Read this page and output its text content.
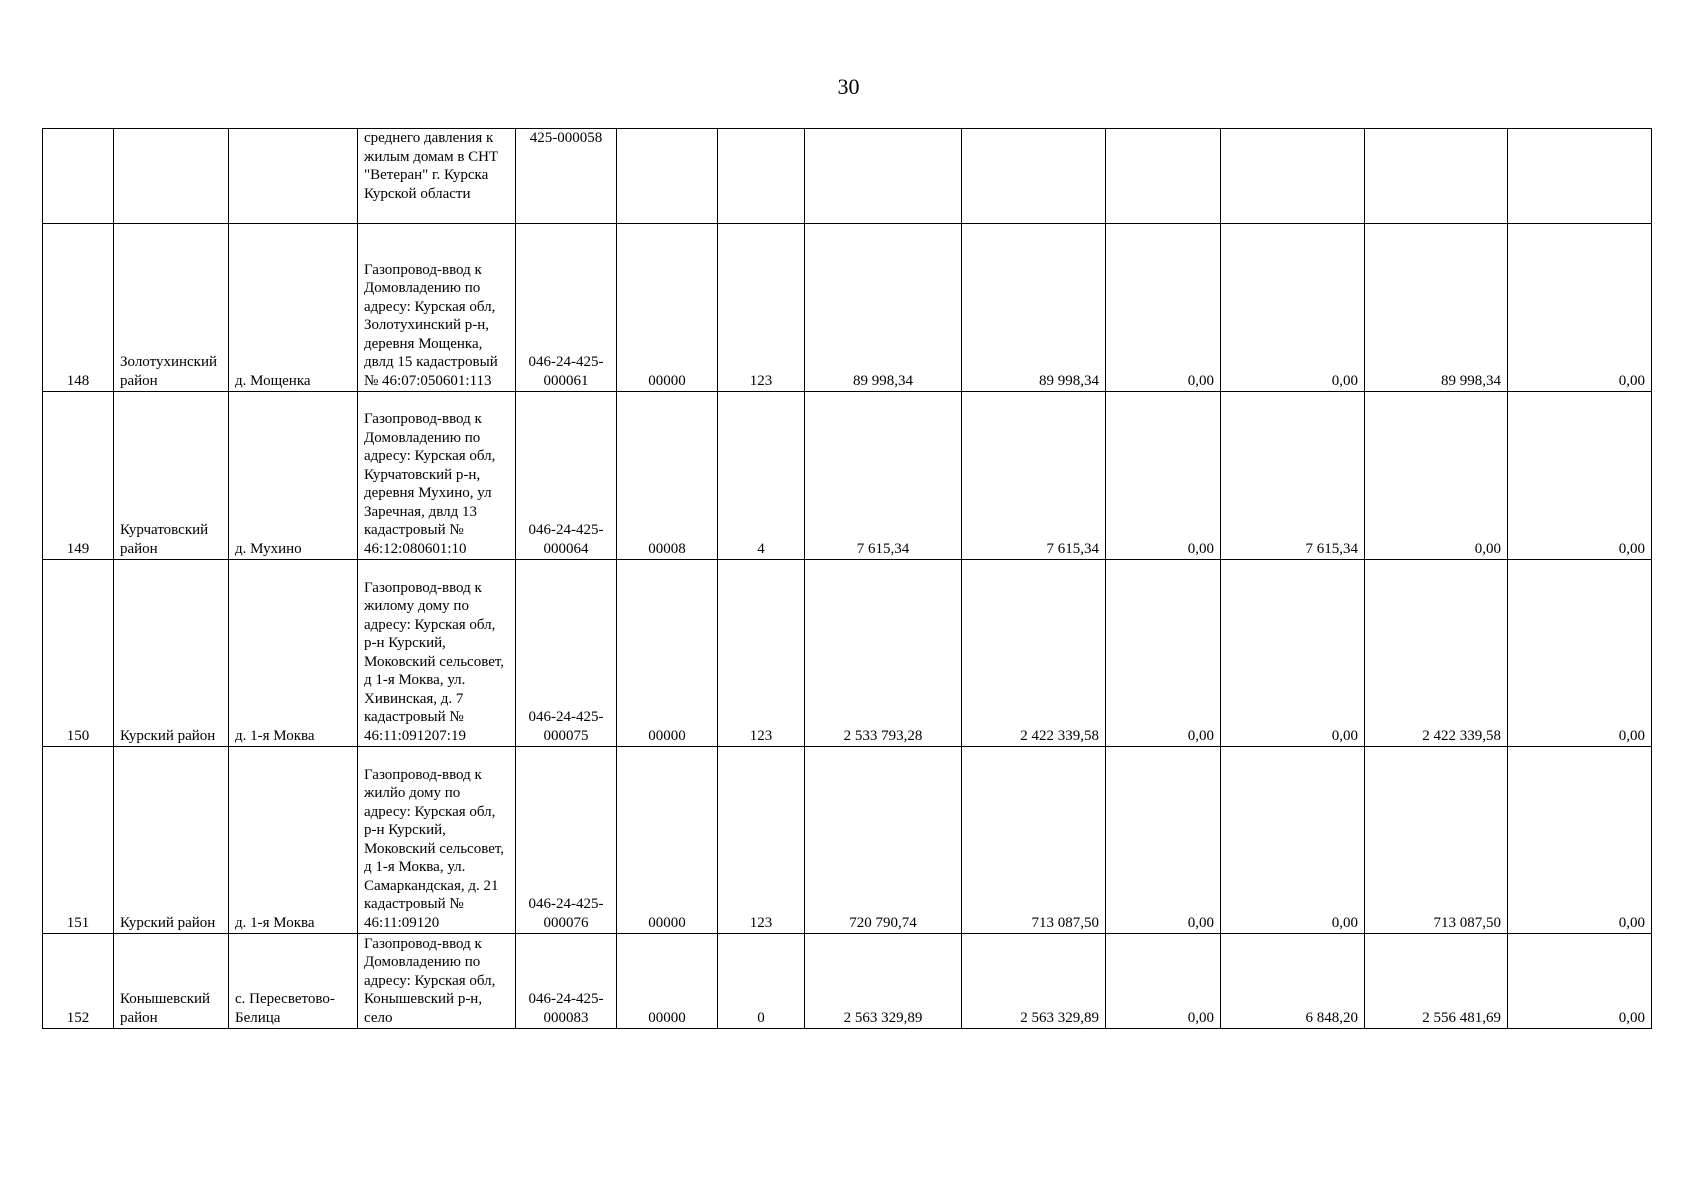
30
			среднего давления к жилым домам в СНТ "Ветеран" г. Курска Курской области	425-000058								
148	Золотухинский район	д. Мощенка	Газопровод-ввод к Домовладению по адресу: Курская обл, Золотухинский р-н, деревня Мощенка, двлд 15 кадастровый № 46:07:050601:113	046-24-425-000061	00000	123	89 998,34	89 998,34	0,00	0,00	89 998,34	0,00
149	Курчатовский район	д. Мухино	Газопровод-ввод к Домовладению по адресу: Курская обл, Курчатовский р-н, деревня Мухино, ул Заречная, двлд 13 кадастровый № 46:12:080601:10	046-24-425-000064	00008	4	7 615,34	7 615,34	0,00	7 615,34	0,00	0,00
150	Курский район	д. 1-я Моква	Газопровод-ввод к жилому дому по адресу: Курская обл, р-н Курский, Моковский сельсовет, д 1-я Моква, ул. Хивинская, д. 7 кадастровый № 46:11:091207:19	046-24-425-000075	00000	123	2 533 793,28	2 422 339,58	0,00	0,00	2 422 339,58	0,00
151	Курский район	д. 1-я Моква	Газопровод-ввод к жилйо дому по адресу: Курская обл, р-н Курский, Моковский сельсовет, д 1-я Моква, ул. Самаркандская, д. 21 кадастровый № 46:11:09120	046-24-425-000076	00000	123	720 790,74	713 087,50	0,00	0,00	713 087,50	0,00
152	Конышевский район	с. Пересветово-Белица	Газопровод-ввод к Домовладению по адресу: Курская обл, Конышевский р-н, село	046-24-425-000083	00000	0	2 563 329,89	2 563 329,89	0,00	6 848,20	2 556 481,69	0,00
